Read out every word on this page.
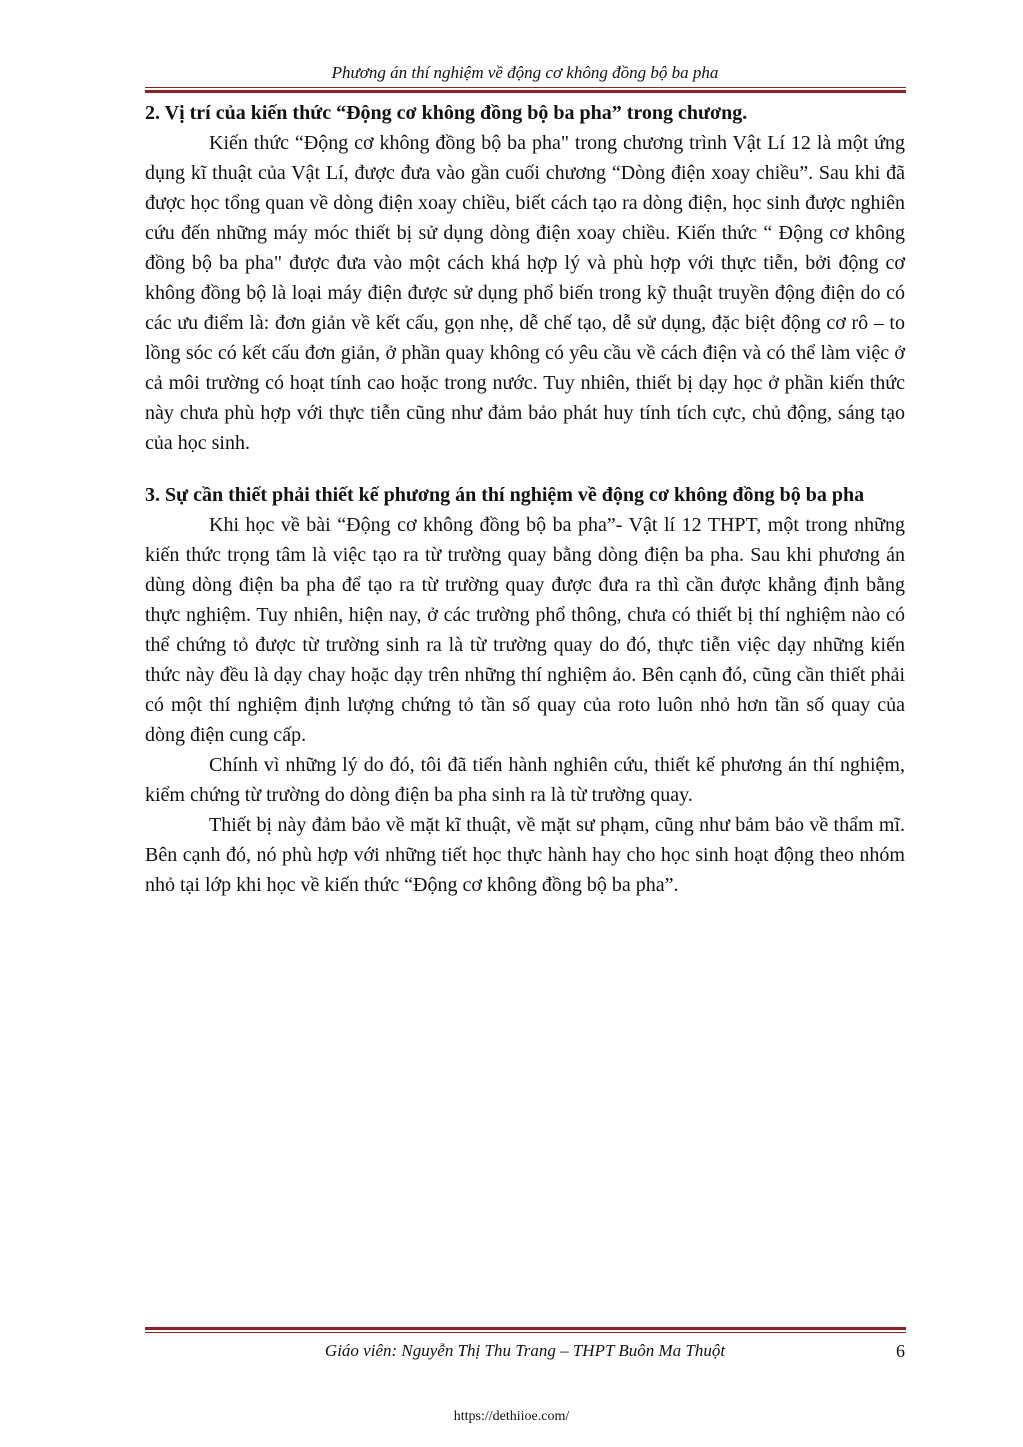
Phương án thí nghiệm về động cơ không đồng bộ ba pha

2. Vị trí của kiến thức “Động cơ không đồng bộ ba pha” trong chương.

Kiến thức “Động cơ không đồng bộ ba pha" trong chương trình Vật Lí 12 là một ứng dụng kĩ thuật của Vật Lí, được đưa vào gần cuối chương “Dòng điện xoay chiều”. Sau khi đã được học tổng quan về dòng điện xoay chiều, biết cách tạo ra dòng điện, học sinh được nghiên cứu đến những máy móc thiết bị sử dụng dòng điện xoay chiều. Kiến thức “ Động cơ không đồng bộ ba pha" được đưa vào một cách khá hợp lý và phù hợp với thực tiễn, bởi động cơ không đồng bộ là loại máy điện được sử dụng phổ biến trong kỹ thuật truyền động điện do có các ưu điểm là: đơn giản về kết cấu, gọn nhẹ, dễ chế tạo, dễ sử dụng, đặc biệt động cơ rô – to lồng sóc có kết cấu đơn giản, ở phần quay không có yêu cầu về cách điện và có thể làm việc ở cả môi trường có hoạt tính cao hoặc trong nước. Tuy nhiên, thiết bị dạy học ở phần kiến thức này chưa phù hợp với thực tiễn cũng như đảm bảo phát huy tính tích cực, chủ động, sáng tạo của học sinh.

3. Sự cần thiết phải thiết kế phương án thí nghiệm về động cơ không đồng bộ ba pha

Khi học về bài “Động cơ không đồng bộ ba pha”- Vật lí 12 THPT, một trong những kiến thức trọng tâm là việc tạo ra từ trường quay bằng dòng điện ba pha. Sau khi phương án dùng dòng điện ba pha để tạo ra từ trường quay được đưa ra thì cần được khẳng định bằng thực nghiệm. Tuy nhiên, hiện nay, ở các trường phổ thông, chưa có thiết bị thí nghiệm nào có thể chứng tỏ được từ trường sinh ra là từ trường quay do đó, thực tiễn việc dạy những kiến thức này đều là dạy chay hoặc dạy trên những thí nghiệm ảo. Bên cạnh đó, cũng cần thiết phải có một thí nghiệm định lượng chứng tỏ tần số quay của roto luôn nhỏ hơn tần số quay của dòng điện cung cấp.

Chính vì những lý do đó, tôi đã tiến hành nghiên cứu, thiết kế phương án thí nghiệm, kiểm chứng từ trường do dòng điện ba pha sinh ra là từ trường quay.

Thiết bị này đảm bảo về mặt kĩ thuật, về mặt sư phạm, cũng như bảm bảo về thẩm mĩ. Bên cạnh đó, nó phù hợp với những tiết học thực hành hay cho học sinh hoạt động theo nhóm nhỏ tại lớp khi học về kiến thức “Động cơ không đồng bộ ba pha”.

Giáo viên: Nguyễn Thị Thu Trang – THPT Buôn Ma Thuột	6
https://dethiioe.com/
